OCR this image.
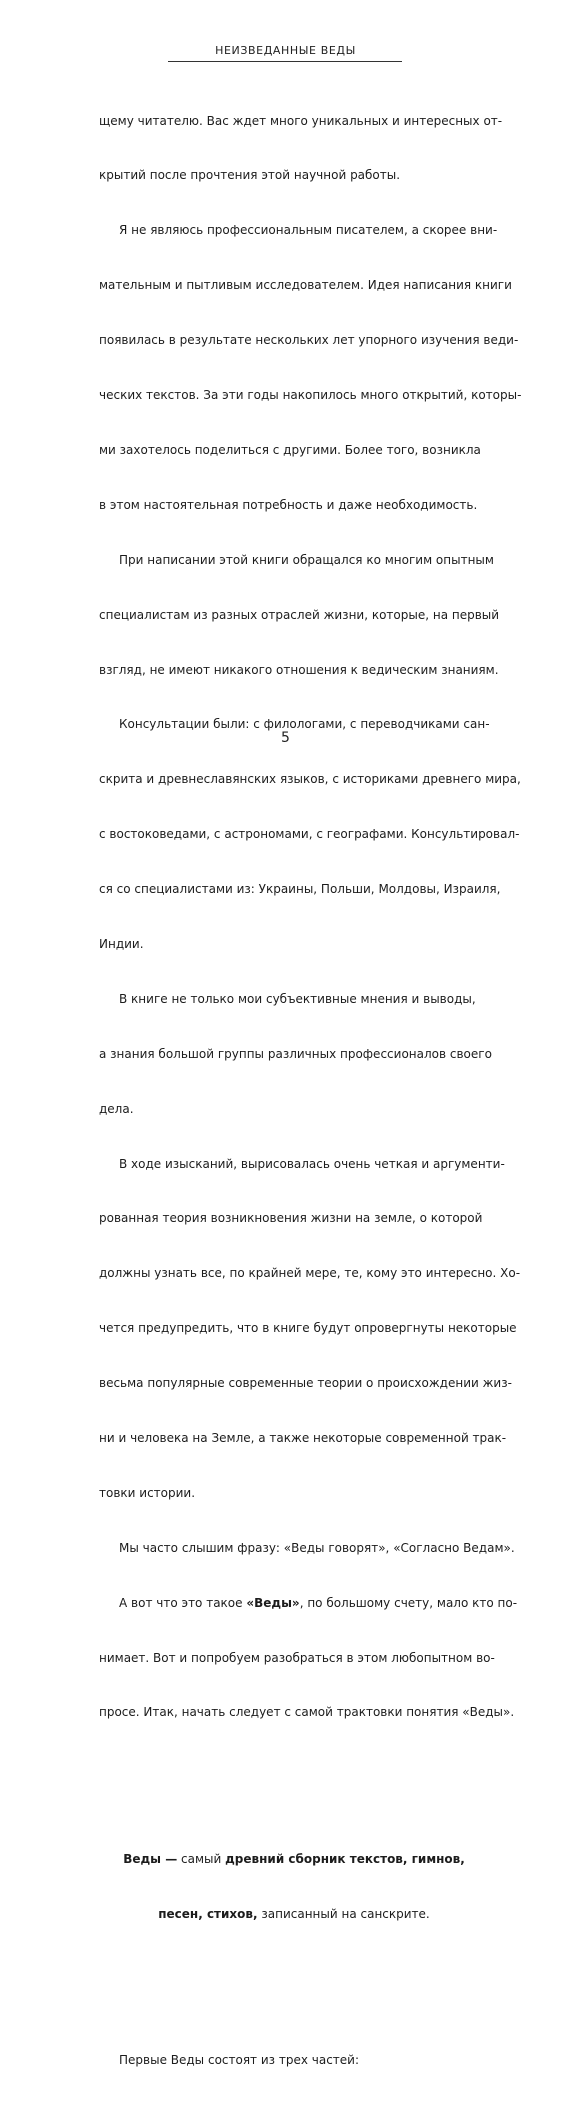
НЕИЗВЕДАННЫЕ ВЕДЫ

щему читателю. Вас ждет много уникальных и интересных от-

крытий после прочтения этой научной работы.

Я не являюсь профессиональным писателем, а скорее вни-

мательным и пытливым исследователем. Идея написания книги

появилась в результате нескольких лет упорного изучения веди-

ческих текстов. За эти годы накопилось много открытий, которы-

ми захотелось поделиться с другими. Более того, возникла

в этом настоятельная потребность и даже необходимость.

При написании этой книги обращался ко многим опытным

специалистам из разных отраслей жизни, которые, на первый

взгляд, не имеют никакого отношения к ведическим знаниям.

Консультации были: с филологами, с переводчиками сан-

скрита и древнеславянских языков, с историками древнего мира,

с востоковедами, с астрономами, с географами. Консультировал-

ся со специалистами из: Украины, Польши, Молдовы, Израиля,

Индии.

В книге не только мои субъективные мнения и выводы,

а знания большой группы различных профессионалов своего

дела.

В ходе изысканий, вырисовалась очень четкая и аргументи-

рованная теория возникновения жизни на земле, о которой

должны узнать все, по крайней мере, те, кому это интересно. Хо-

чется предупредить, что в книге будут опровергнуты некоторые

весьма популярные современные теории о происхождении жиз-

ни и человека на Земле, а также некоторые современной трак-

товки истории.

Мы часто слышим фразу: «Веды говорят», «Согласно Ведам».

А вот что это такое «Веды», по большому счету, мало кто по-

нимает. Вот и попробуем разобраться в этом любопытном во-

просе. Итак, начать следует с самой трактовки понятия «Веды».

Веды — самый древний сборник текстов, гимнов,

песен, стихов, записанный на санскрите.

Первые Веды состоят из трех частей:

5
